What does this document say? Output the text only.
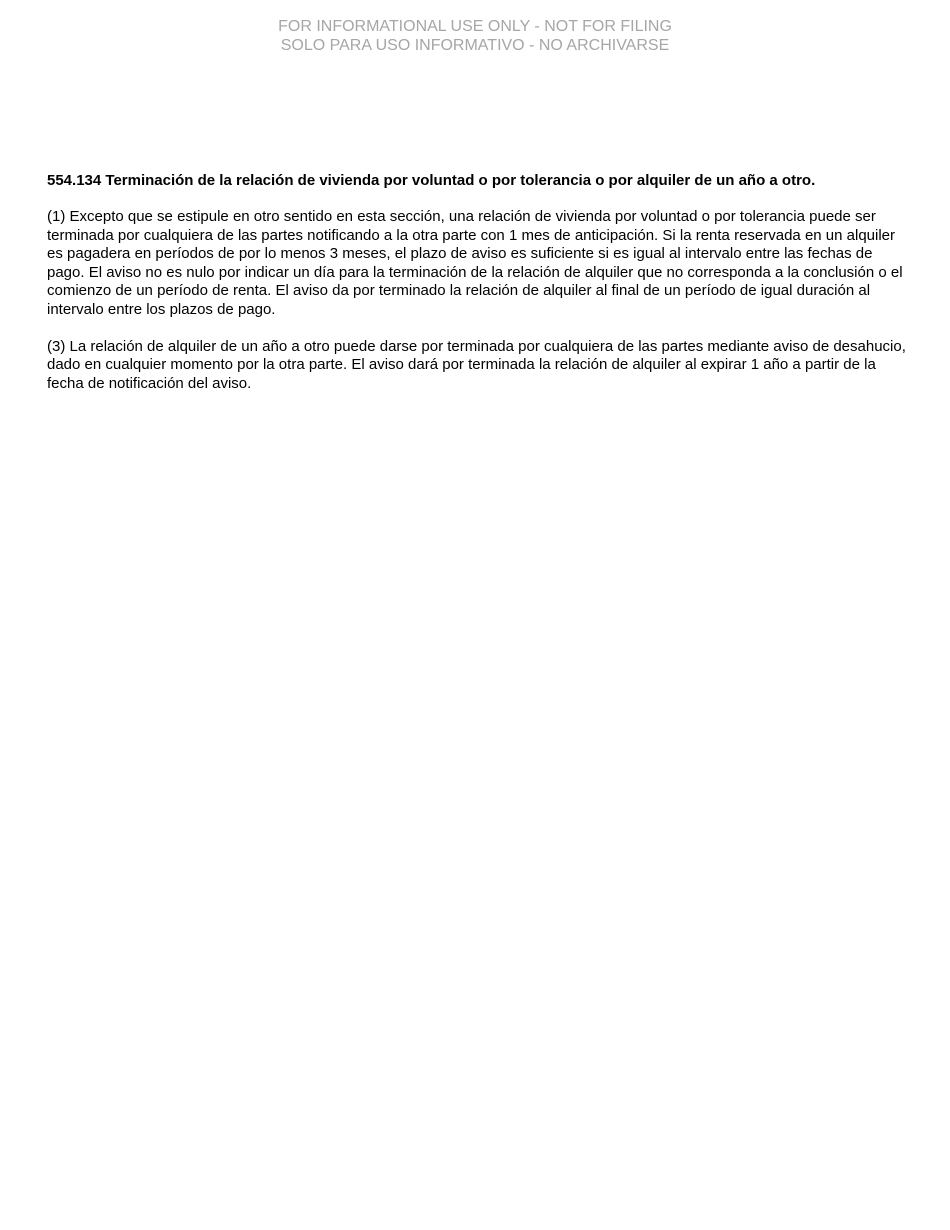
FOR INFORMATIONAL USE ONLY - NOT FOR FILING
SOLO PARA USO INFORMATIVO - NO ARCHIVARSE
554.134 Terminación de la relación de vivienda por voluntad o por tolerancia o por alquiler de un año a otro.
(1) Excepto que se estipule en otro sentido en esta sección, una relación de vivienda por voluntad o por tolerancia puede ser terminada por cualquiera de las partes notificando a la otra parte con 1 mes de anticipación. Si la renta reservada en un alquiler es pagadera en períodos de por lo menos 3 meses, el plazo de aviso es suficiente si es igual al intervalo entre las fechas de pago. El aviso no es nulo por indicar un día para la terminación de la relación de alquiler que no corresponda a la conclusión o el comienzo de un período de renta. El aviso da por terminado la relación de alquiler al final de un período de igual duración al intervalo entre los plazos de pago.
(3) La relación de alquiler de un año a otro puede darse por terminada por cualquiera de las partes mediante aviso de desahucio, dado en cualquier momento por la otra parte. El aviso dará por terminada la relación de alquiler al expirar 1 año a partir de la fecha de notificación del aviso.
